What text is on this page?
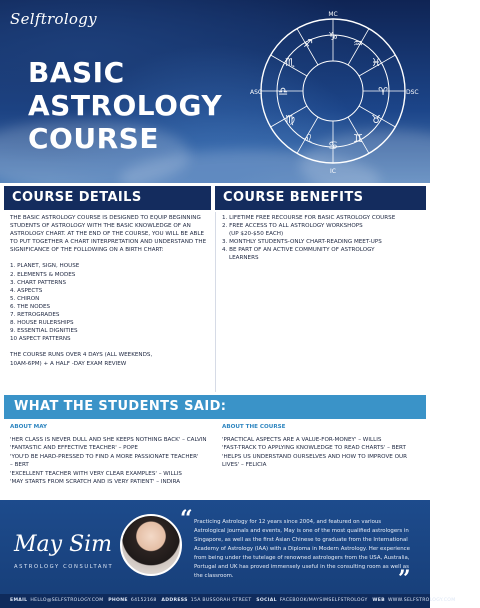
Selftrology
BASIC
ASTROLOGY
COURSE
♑
♒
♓
♈
♉
♊
♋
♌
♍
♎
♏
♐
MC
IC
ASC	DSC
COURSE DETAILS

THE BASIC ASTROLOGY COURSE IS DESIGNED TO EQUIP BEGINNING STUDENTS OF ASTROLOGY WITH THE BASIC KNOWLEDGE OF AN ASTROLOGY CHART. AT THE END OF THE COURSE, YOU WILL BE ABLE TO PUT TOGETHER A CHART INTERPRETATION AND UNDERSTAND THE SIGNIFICANCE OF THE FOLLOWING ON A BIRTH CHART:

1. PLANET, SIGN, HOUSE
2. ELEMENTS & MODES
3. CHART PATTERNS
4. ASPECTS
5. CHIRON
6. THE NODES
7. RETROGRADES
8. HOUSE RULERSHIPS
9. ESSENTIAL DIGNITIES
10 ASPECT PATTERNS
THE COURSE RUNS OVER 4 DAYS (ALL WEEKENDS,
10AM-6PM) + A HALF -DAY EXAM REVIEW
COURSE BENEFITS
1. LIFETIME FREE RECOURSE FOR BASIC ASTROLOGY COURSE
2. FREE ACCESS TO ALL ASTROLOGY WORKSHOPS
(UP $20-$50 EACH)
3. MONTHLY STUDENTS-ONLY CHART-READING MEET-UPS
4. BE PART OF AN ACTIVE COMMUNITY OF ASTROLOGY
LEARNERS
WHAT THE STUDENTS SAID:
ABOUT MAY
'HER CLASS IS NEVER DULL AND SHE KEEPS NOTHING BACK' – CALVIN
'FANTASTIC AND EFFECTIVE TEACHER' – POPE
'YOU'D BE HARD-PRESSED TO FIND A MORE PASSIONATE TEACHER'
– BERT
'EXCELLENT TEACHER WITH VERY CLEAR EXAMPLES' – WILLIS
'MAY STARTS FROM SCRATCH AND IS VERY PATIENT' – INDIRA
ABOUT THE COURSE
'PRACTICAL ASPECTS ARE A VALUE-FOR-MONEY' – WILLIS
'FAST-TRACK TO APPLYING KNOWLEDGE TO READ CHARTS' – BERT
'HELPS US UNDERSTAND OURSELVES AND HOW TO IMPROVE OUR
LIVES' – FELICIA
May Sim
ASTROLOGY CONSULTANT
“ Practicing Astrology for 12 years since 2004, and featured on various Astrological journals and events, May is one of the most qualified astrologers in Singapore, as well as the first Asian Chinese to graduate from the International Academy of Astrology (IAA) with a Diploma in Modern Astrology. Her experience from being under the tutelage of renowned astrologers from the USA, Australia, Portugal and UK has proved immensely useful in the consulting room as well as the classroom.	”
EMAIL HELLO@SELFSTROLOGY.COM PHONE 64152168 ADDRESS 15A BUSSORAH STREET SOCIAL FACEBOOK/MAYSIMSELFSTROLOGY WEB WWW.SELFSTROLOGY.COM
